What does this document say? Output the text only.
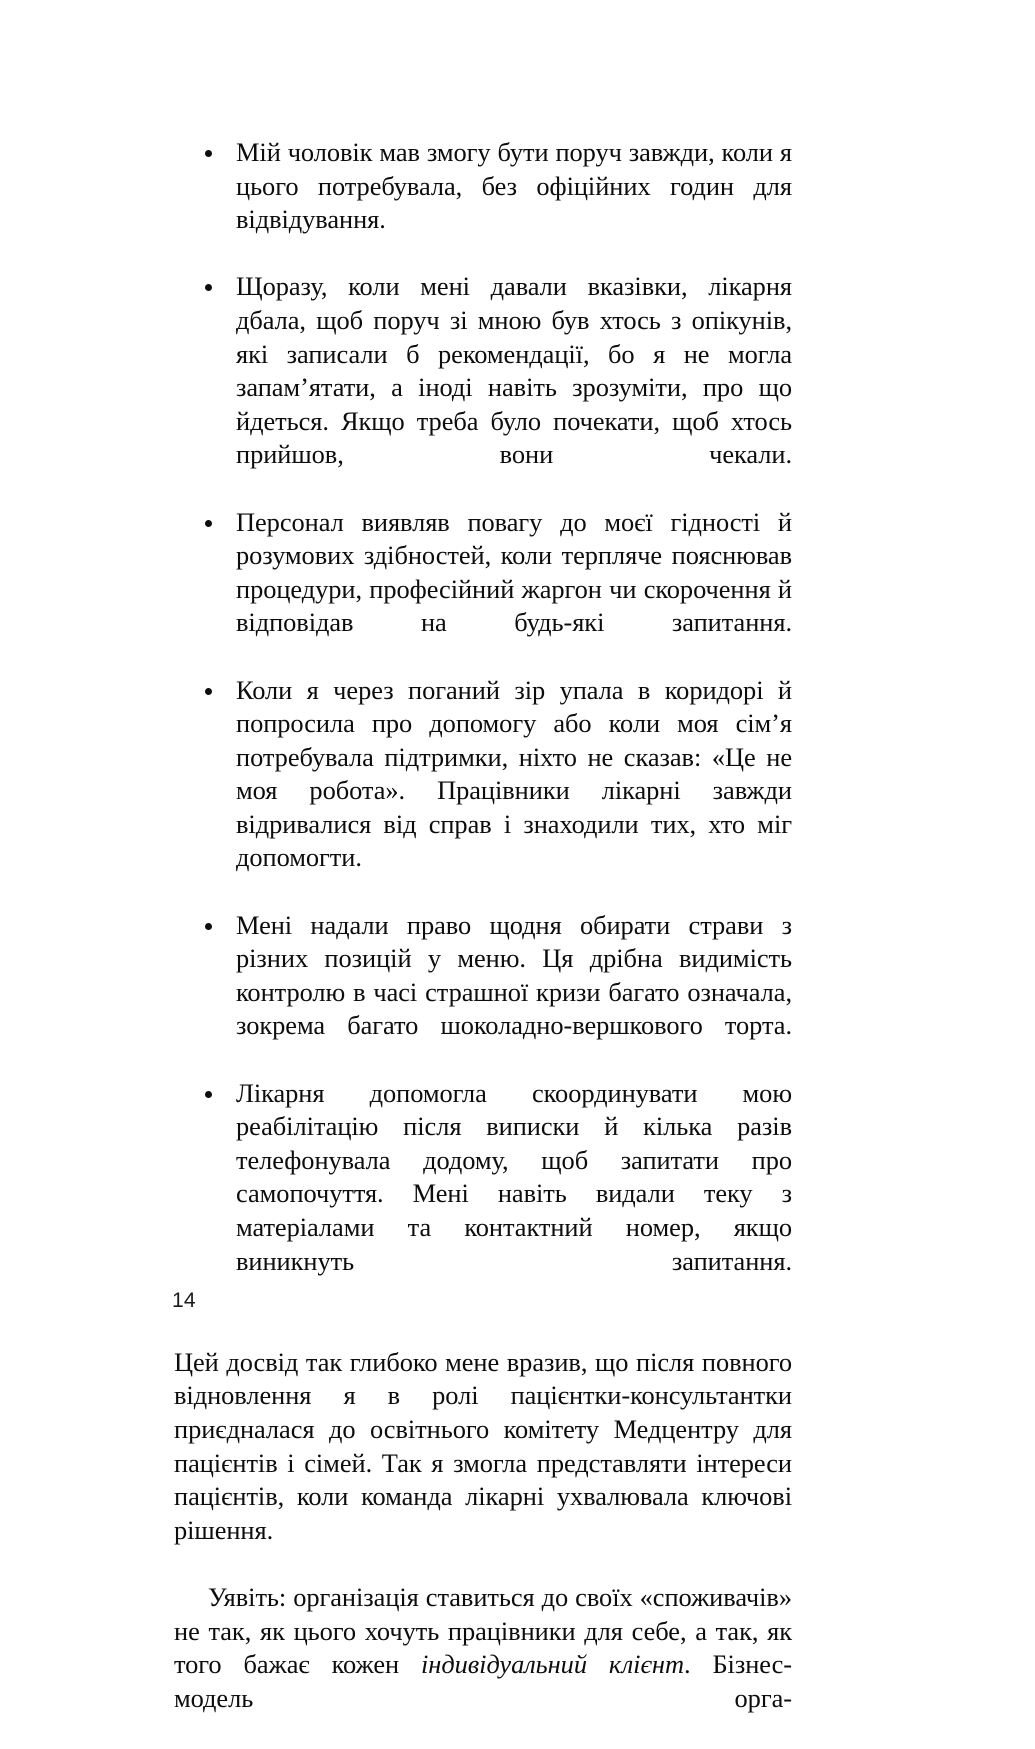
Мій чоловік мав змогу бути поруч завжди, коли я цього потребувала, без офіційних годин для відвідування.
Щоразу, коли мені давали вказівки, лікарня дбала, щоб поруч зі мною був хтось з опікунів, які записали б рекомендації, бо я не могла запам’ятати, а іноді навіть зрозуміти, про що йдеться. Якщо треба було почекати, щоб хтось прийшов, вони чекали.
Персонал виявляв повагу до моєї гідності й розумових здібностей, коли терпляче пояснював процедури, професійний жаргон чи скорочення й відповідав на будь-які запитання.
Коли я через поганий зір упала в коридорі й попросила про допомогу або коли моя сім’я потребувала підтримки, ніхто не сказав: «Це не моя робота». Працівники лікарні завжди відривалися від справ і знаходили тих, хто міг допомогти.
Мені надали право щодня обирати страви з різних позицій у меню. Ця дрібна видимість контролю в часі страшної кризи багато означала, зокрема багато шоколадно-вершкового торта.
Лікарня допомогла скоординувати мою реабілітацію після виписки й кілька разів телефонувала додому, щоб запитати про самопочуття. Мені навіть видали теку з матеріалами та контактний номер, якщо виникнуть запитання.

Цей досвід так глибоко мене вразив, що після повного відновлення я в ролі пацієнтки-консультантки приєдналася до освітнього комітету Медцентру для пацієнтів і сімей. Так я змогла представляти інтереси пацієнтів, коли команда лікарні ухвалювала ключові рішення.

Уявіть: організація ставиться до своїх «споживачів» не так, як цього хочуть працівники для себе, а так, як того бажає кожен індивідуальний клієнт. Бізнес-модель орга-

14
